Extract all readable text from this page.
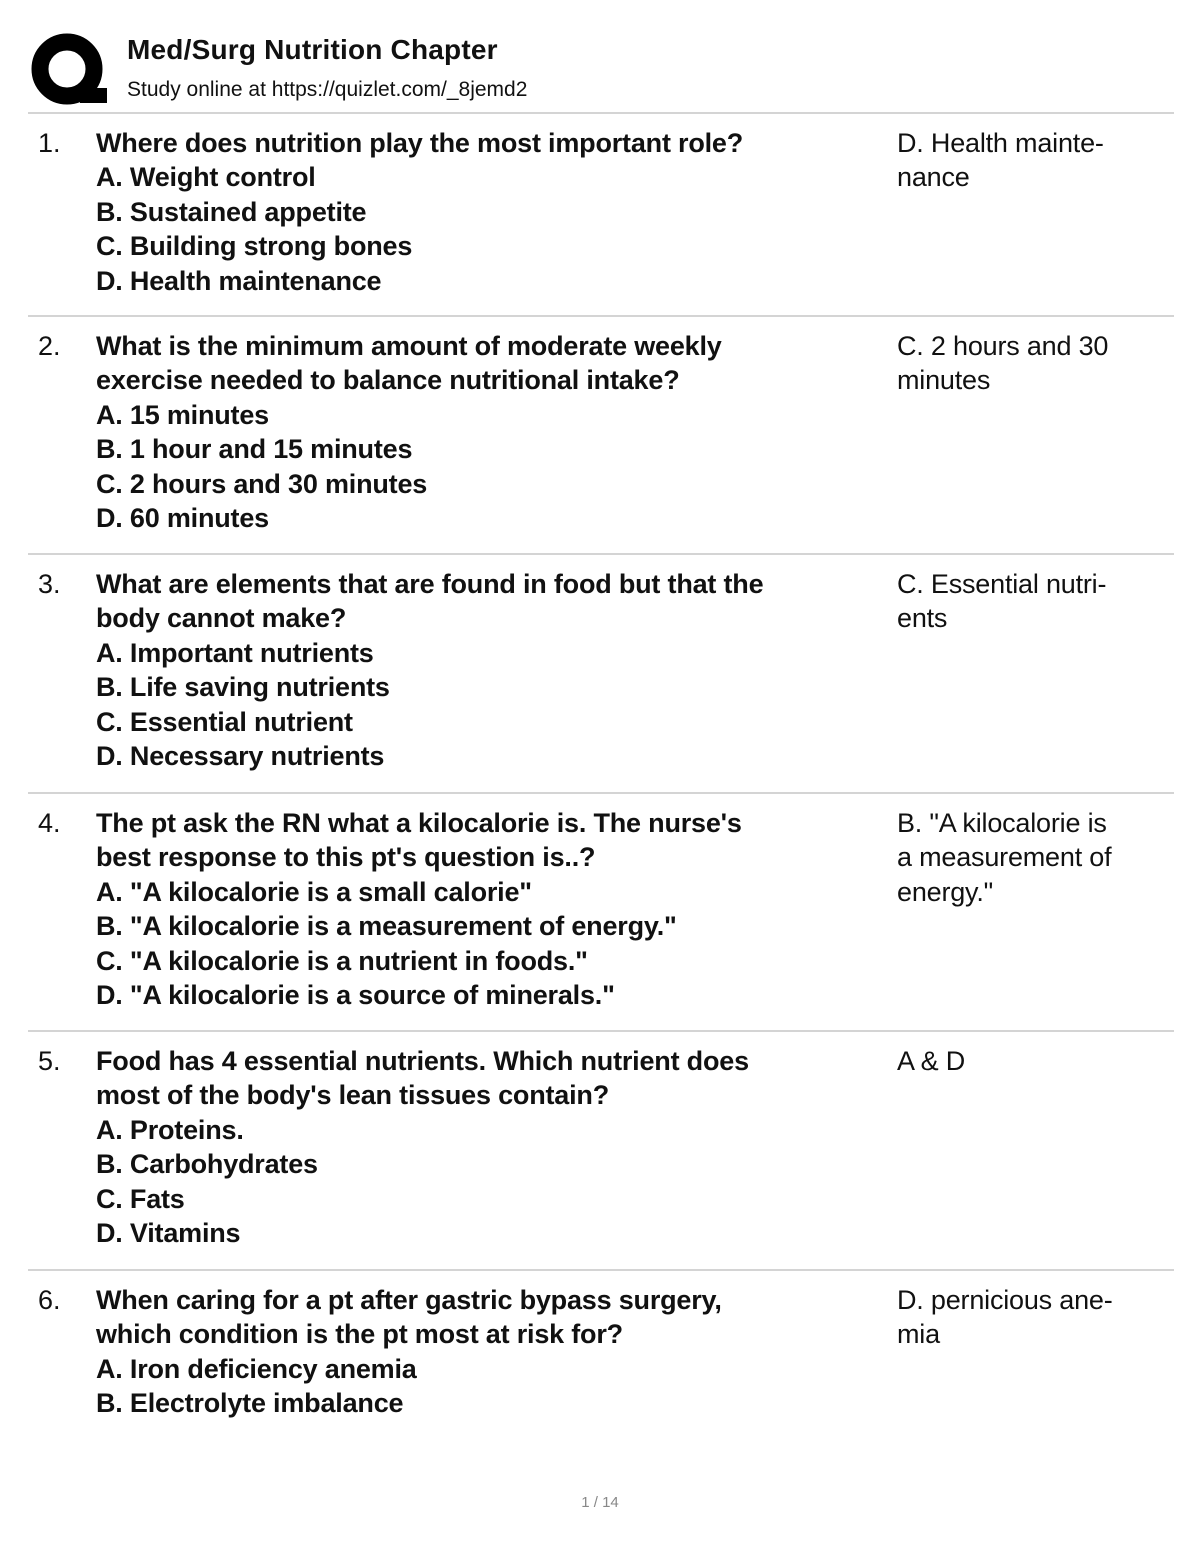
Med/Surg Nutrition Chapter
Study online at https://quizlet.com/_8jemd2
1. Where does nutrition play the most important role?
A. Weight control
B. Sustained appetite
C. Building strong bones
D. Health maintenance
D. Health mainte-
nance
2. What is the minimum amount of moderate weekly
exercise needed to balance nutritional intake?
A. 15 minutes
B. 1 hour and 15 minutes
C. 2 hours and 30 minutes
D. 60 minutes
C. 2 hours and 30
minutes
3. What are elements that are found in food but that the
body cannot make?
A. Important nutrients
B. Life saving nutrients
C. Essential nutrient
D. Necessary nutrients
C. Essential nutri-
ents
4. The pt ask the RN what a kilocalorie is. The nurse's
best response to this pt's question is..?
A. "A kilocalorie is a small calorie"
B. "A kilocalorie is a measurement of energy."
C. "A kilocalorie is a nutrient in foods."
D. "A kilocalorie is a source of minerals."
B. "A kilocalorie is
a measurement of
energy."
5. Food has 4 essential nutrients. Which nutrient does
most of the body's lean tissues contain?
A. Proteins.
B. Carbohydrates
C. Fats
D. Vitamins
A & D
6. When caring for a pt after gastric bypass surgery,
which condition is the pt most at risk for?
A. Iron deficiency anemia
B. Electrolyte imbalance
D. pernicious ane-
mia
1 / 14
